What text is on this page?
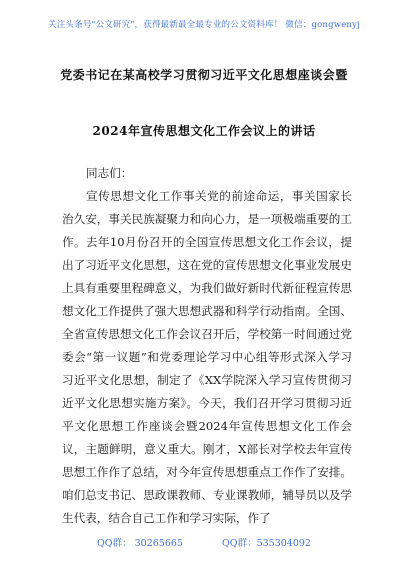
关注头条号"公文研究"，获得最新最全最专业的公文资料库！ 微信：gongwenyj
党委书记在某高校学习贯彻习近平文化思想座谈会暨
2024年宣传思想文化工作会议上的讲话

同志们：

宣传思想文化工作事关党的前途命运，事关国家长治久安，事关民族凝聚力和向心力，是一项极端重要的工作。去年10月份召开的全国宣传思想文化工作会议，提出了习近平文化思想，这在党的宣传思想文化事业发展史上具有重要里程碑意义，为我们做好新时代新征程宣传思想文化工作提供了强大思想武器和科学行动指南。全国、全省宣传思想文化工作会议召开后，学校第一时间通过党委会“第一议题”和党委理论学习中心组等形式深入学习习近平文化思想，制定了《XX学院深入学习宣传贯彻习近平文化思想实施方案》。今天，我们召开学习贯彻习近平文化思想工作座谈会暨2024年宣传思想文化工作会议，主题鲜明，意义重大。刚才，X部长对学校去年宣传思想工作作了总结，对今年宣传思想重点工作作了安排。咱们总支书记、思政课教师、专业课教师，辅导员以及学生代表，结合自己工作和学习实际，作了

QQ群： 30265665	QQ群：535304092
